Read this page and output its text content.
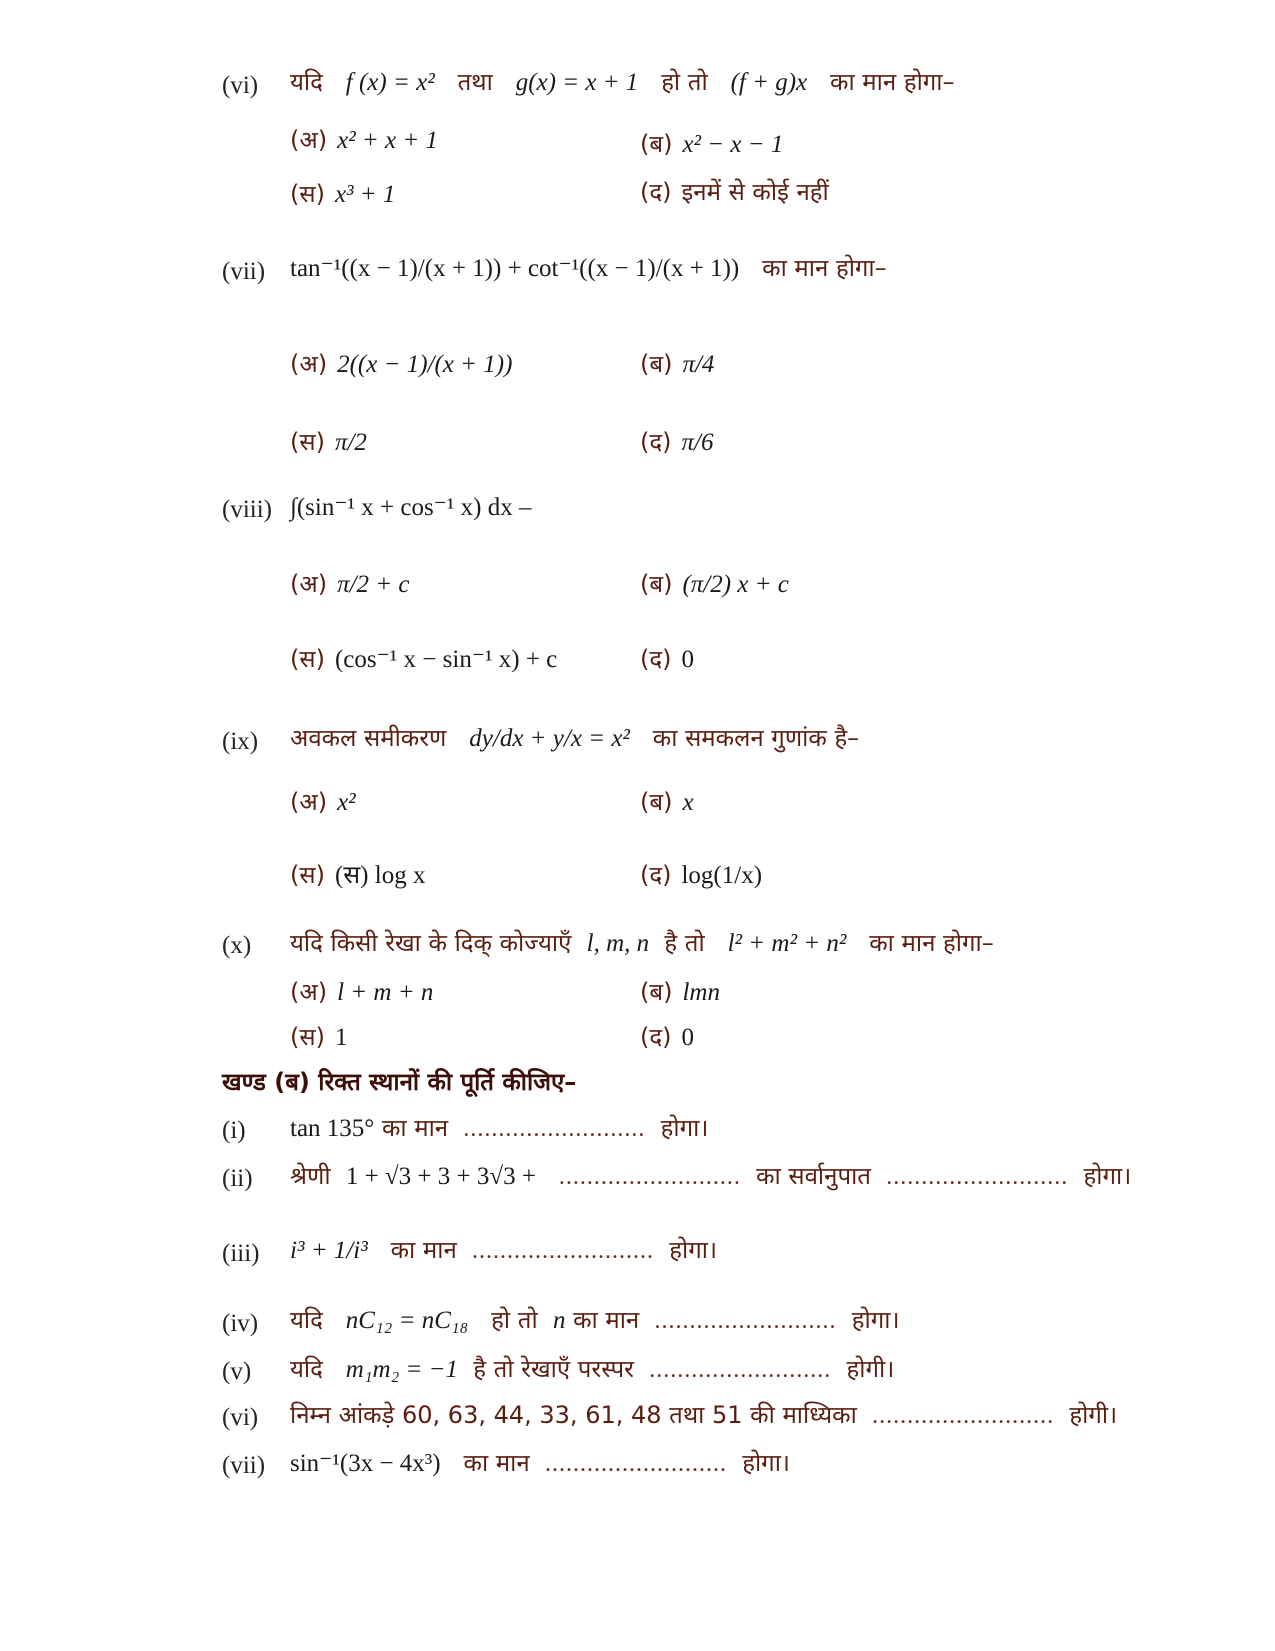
(vi) यदि f (x) = x² तथा g(x) = x + 1 हो तो (f + g)x का मान होगा–
(अ) x² + x + 1	(ब) x² − x − 1
(स) x³ + 1	(द) इनमें से कोई नहीं
(vii) tan⁻¹((x − 1)/(x + 1)) + cot⁻¹((x − 1)/(x + 1)) का मान होगा–
(अ) 2((x − 1)/(x + 1))	(ब) π/4
(स) π/2	(द) π/6
(viii) ∫(sin⁻¹ x + cos⁻¹ x) dx –
(अ) π/2 + c	(ब) (π/2) x + c
(स) (cos⁻¹ x − sin⁻¹ x) + c	(द) 0
(ix) अवकल समीकरण dy/dx + y/x = x² का समकलन गुणांक है–
(अ) x²	(ब) x
(स) (स) log x	(द) log(1/x)
(x) यदि किसी रेखा के दिक् कोज्याएँ l, m, n है तो l² + m² + n² का मान होगा–
(अ) l + m + n	(ब) lmn
(स) 1	(द) 0
खण्ड (ब) रिक्त स्थानों की पूर्ति कीजिए–
(i) tan 135° का मान .......................... होगा।
(ii) श्रेणी 1 + √3 + 3 + 3√3 + .......................... का सर्वानुपात .......................... होगा।
(iii) i³ + 1/i³ का मान .......................... होगा।
(iv) यदि nC₁₂ = nC₁₈ हो तो n का मान .......................... होगा।
(v) यदि m₁m₂ = −1 है तो रेखाएँ परस्पर .......................... होगी।
(vi) निम्न आंकड़े 60, 63, 44, 33, 61, 48 तथा 51 की माध्यिका .......................... होगी।
(vii) sin⁻¹(3x − 4x³) का मान .......................... होगा।
